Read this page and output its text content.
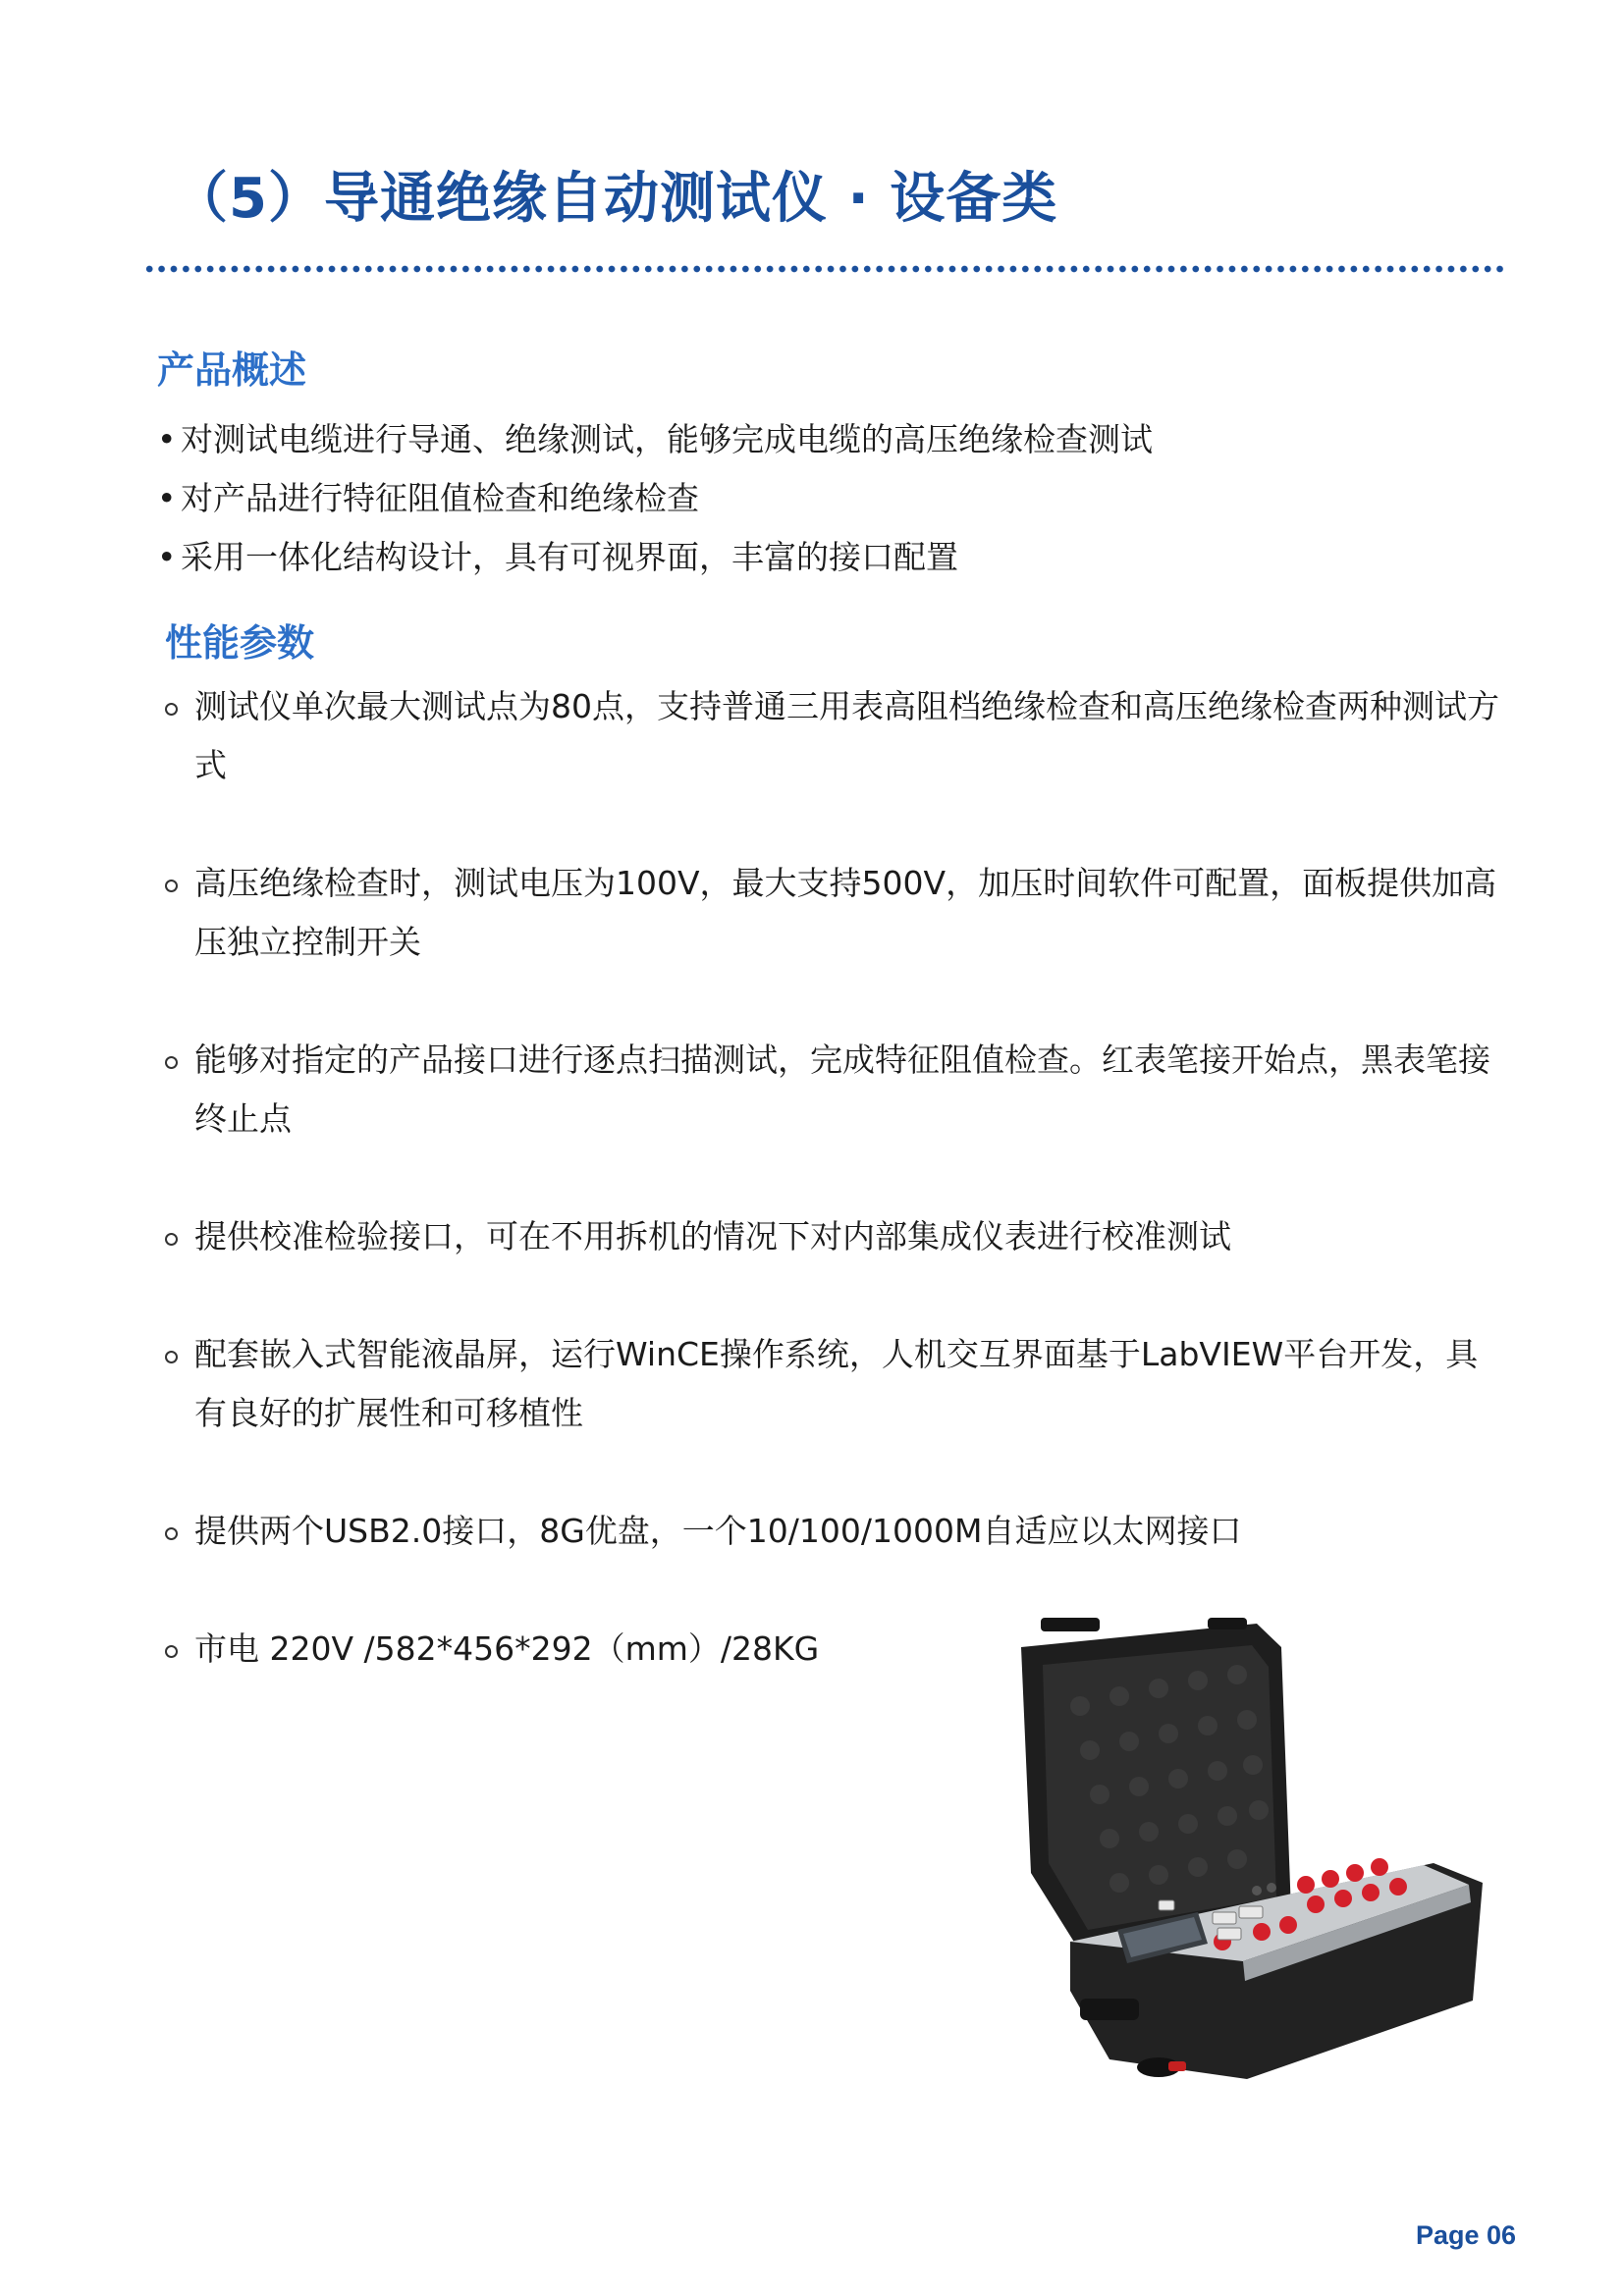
（5）导通绝缘自动测试仪 · 设备类
产品概述
• 对测试电缆进行导通、绝缘测试，能够完成电缆的高压绝缘检查测试
• 对产品进行特征阻值检查和绝缘检查
• 采用一体化结构设计，具有可视界面，丰富的接口配置
性能参数
测试仪单次最大测试点为80点，支持普通三用表高阻档绝缘检查和高压绝缘检查两种测试方式
高压绝缘检查时，测试电压为100V，最大支持500V，加压时间软件可配置，面板提供加高压独立控制开关
能够对指定的产品接口进行逐点扫描测试，完成特征阻值检查。红表笔接开始点，黑表笔接终止点
提供校准检验接口，可在不用拆机的情况下对内部集成仪表进行校准测试
配套嵌入式智能液晶屏，运行WinCE操作系统，人机交互界面基于LabVIEW平台开发，具有良好的扩展性和可移植性
提供两个USB2.0接口，8G优盘，一个10/100/1000M自适应以太网接口
市电 220V /582*456*292（mm）/28KG
Page 06
